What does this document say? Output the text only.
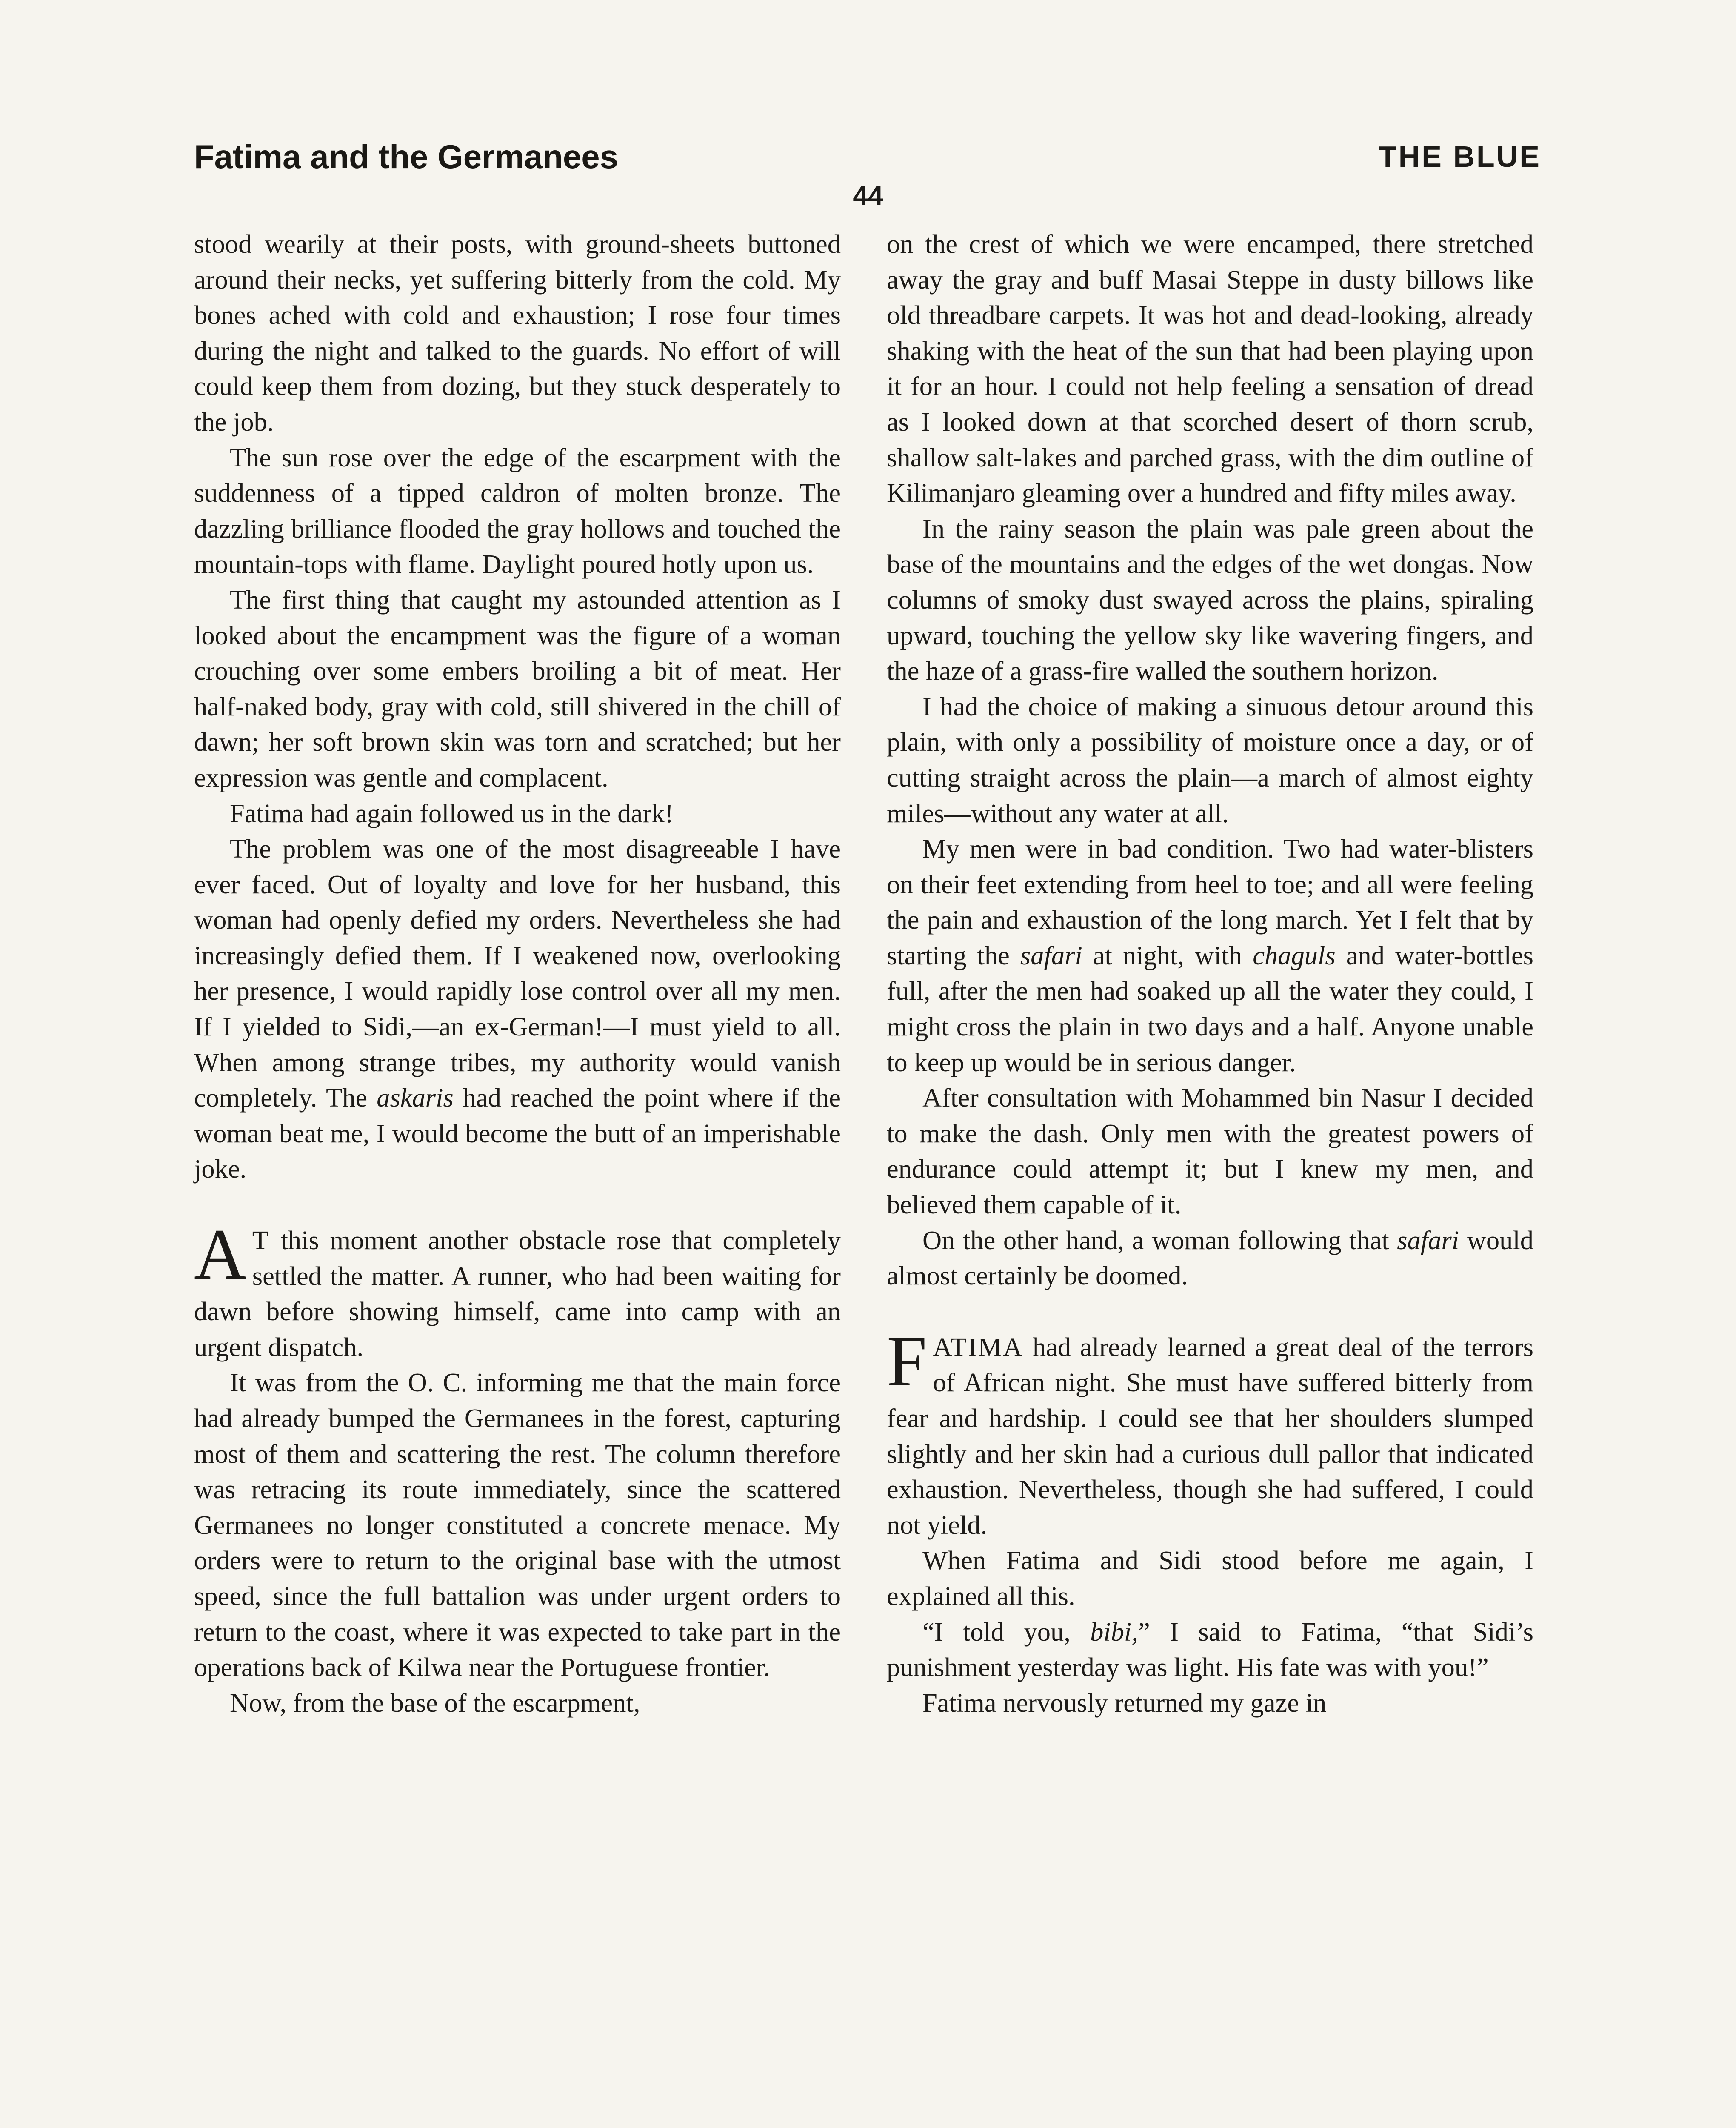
Fatima and the Germanees	THE BLUE
44

stood wearily at their posts, with ground-sheets buttoned around their necks, yet suffering bitterly from the cold. My bones ached with cold and exhaustion; I rose four times during the night and talked to the guards. No effort of will could keep them from dozing, but they stuck desperately to the job.

The sun rose over the edge of the escarpment with the suddenness of a tipped caldron of molten bronze. The dazzling brilliance flooded the gray hollows and touched the mountain-tops with flame. Daylight poured hotly upon us.

The first thing that caught my astounded attention as I looked about the encampment was the figure of a woman crouching over some embers broiling a bit of meat. Her half-naked body, gray with cold, still shivered in the chill of dawn; her soft brown skin was torn and scratched; but her expression was gentle and complacent.

Fatima had again followed us in the dark!

The problem was one of the most disagreeable I have ever faced. Out of loyalty and love for her husband, this woman had openly defied my orders. Nevertheless she had increasingly defied them. If I weakened now, overlooking her presence, I would rapidly lose control over all my men. If I yielded to Sidi,—an ex-German!—I must yield to all. When among strange tribes, my authority would vanish completely. The askaris had reached the point where if the woman beat me, I would become the butt of an imperishable joke.

A T this moment another obstacle rose that completely settled the matter. A runner, who had been waiting for dawn before showing himself, came into camp with an urgent dispatch.

It was from the O. C. informing me that the main force had already bumped the Germanees in the forest, capturing most of them and scattering the rest. The column therefore was retracing its route immediately, since the scattered Germanees no longer constituted a concrete menace. My orders were to return to the original base with the utmost speed, since the full battalion was under urgent orders to return to the coast, where it was expected to take part in the operations back of Kilwa near the Portuguese frontier.

Now, from the base of the escarpment,

on the crest of which we were encamped, there stretched away the gray and buff Masai Steppe in dusty billows like old threadbare carpets. It was hot and dead-looking, already shaking with the heat of the sun that had been playing upon it for an hour. I could not help feeling a sensation of dread as I looked down at that scorched desert of thorn scrub, shallow salt-lakes and parched grass, with the dim outline of Kilimanjaro gleaming over a hundred and fifty miles away.

In the rainy season the plain was pale green about the base of the mountains and the edges of the wet dongas. Now columns of smoky dust swayed across the plains, spiraling upward, touching the yellow sky like wavering fingers, and the haze of a grass-fire walled the southern horizon.

I had the choice of making a sinuous detour around this plain, with only a possibility of moisture once a day, or of cutting straight across the plain—a march of almost eighty miles—without any water at all.

My men were in bad condition. Two had water-blisters on their feet extending from heel to toe; and all were feeling the pain and exhaustion of the long march. Yet I felt that by starting the safari at night, with chaguls and water-bottles full, after the men had soaked up all the water they could, I might cross the plain in two days and a half. Anyone unable to keep up would be in serious danger.

After consultation with Mohammed bin Nasur I decided to make the dash. Only men with the greatest powers of endurance could attempt it; but I knew my men, and believed them capable of it.

On the other hand, a woman following that safari would almost certainly be doomed.

FATIMA had already learned a great deal of the terrors of African night. She must have suffered bitterly from fear and hardship. I could see that her shoulders slumped slightly and her skin had a curious dull pallor that indicated exhaustion. Nevertheless, though she had suffered, I could not yield.

When Fatima and Sidi stood before me again, I explained all this.

“I told you, bibi,” I said to Fatima, “that Sidi’s punishment yesterday was light. His fate was with you!”

Fatima nervously returned my gaze in
